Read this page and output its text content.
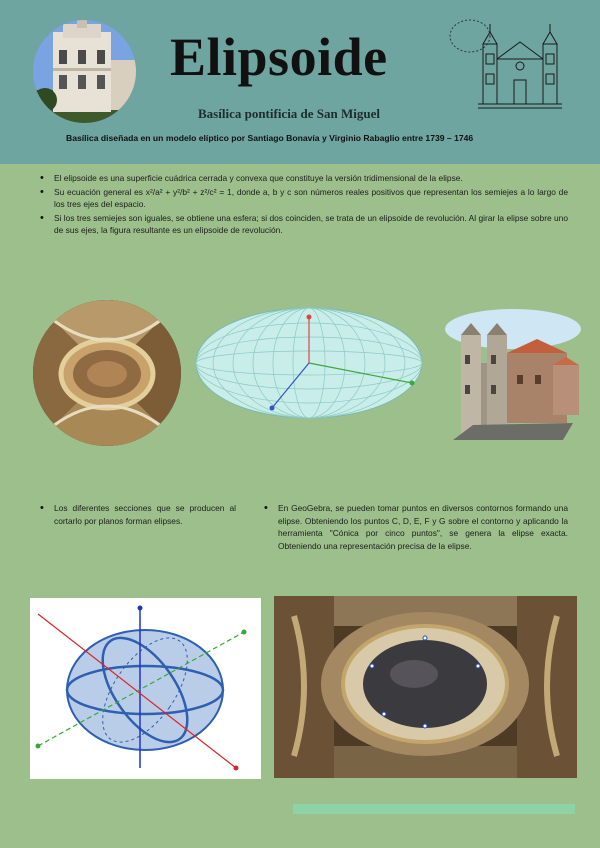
Elipsoide
Basílica pontificia de San Miguel
Basílica diseñada en un modelo elíptico por Santiago Bonavía y Virginio Rabaglio entre 1739 – 1746
• El elipsoide es una superficie cuádrica cerrada y convexa que constituye la versión tridimensional de la elipse.
• Su ecuación general es x²/a² + y²/b² + z²/c² = 1, donde a, b y c son números reales positivos que representan los semiejes a lo largo de los tres ejes del espacio.
• Si los tres semiejes son iguales, se obtiene una esfera; si dos coinciden, se trata de un elipsoide de revolución. Al girar la elipse sobre uno de sus ejes, la figura resultante es un elipsoide de revolución.
• Los diferentes secciones que se producen al cortarlo por planos forman elipses.
• En GeoGebra, se pueden tomar puntos en diversos contornos formando una elipse. Obteniendo los puntos C, D, E, F y G sobre el contorno y aplicando la herramienta "Cónica por cinco puntos", se genera la elipse exacta. Obteniendo una representación precisa de la elipse.
